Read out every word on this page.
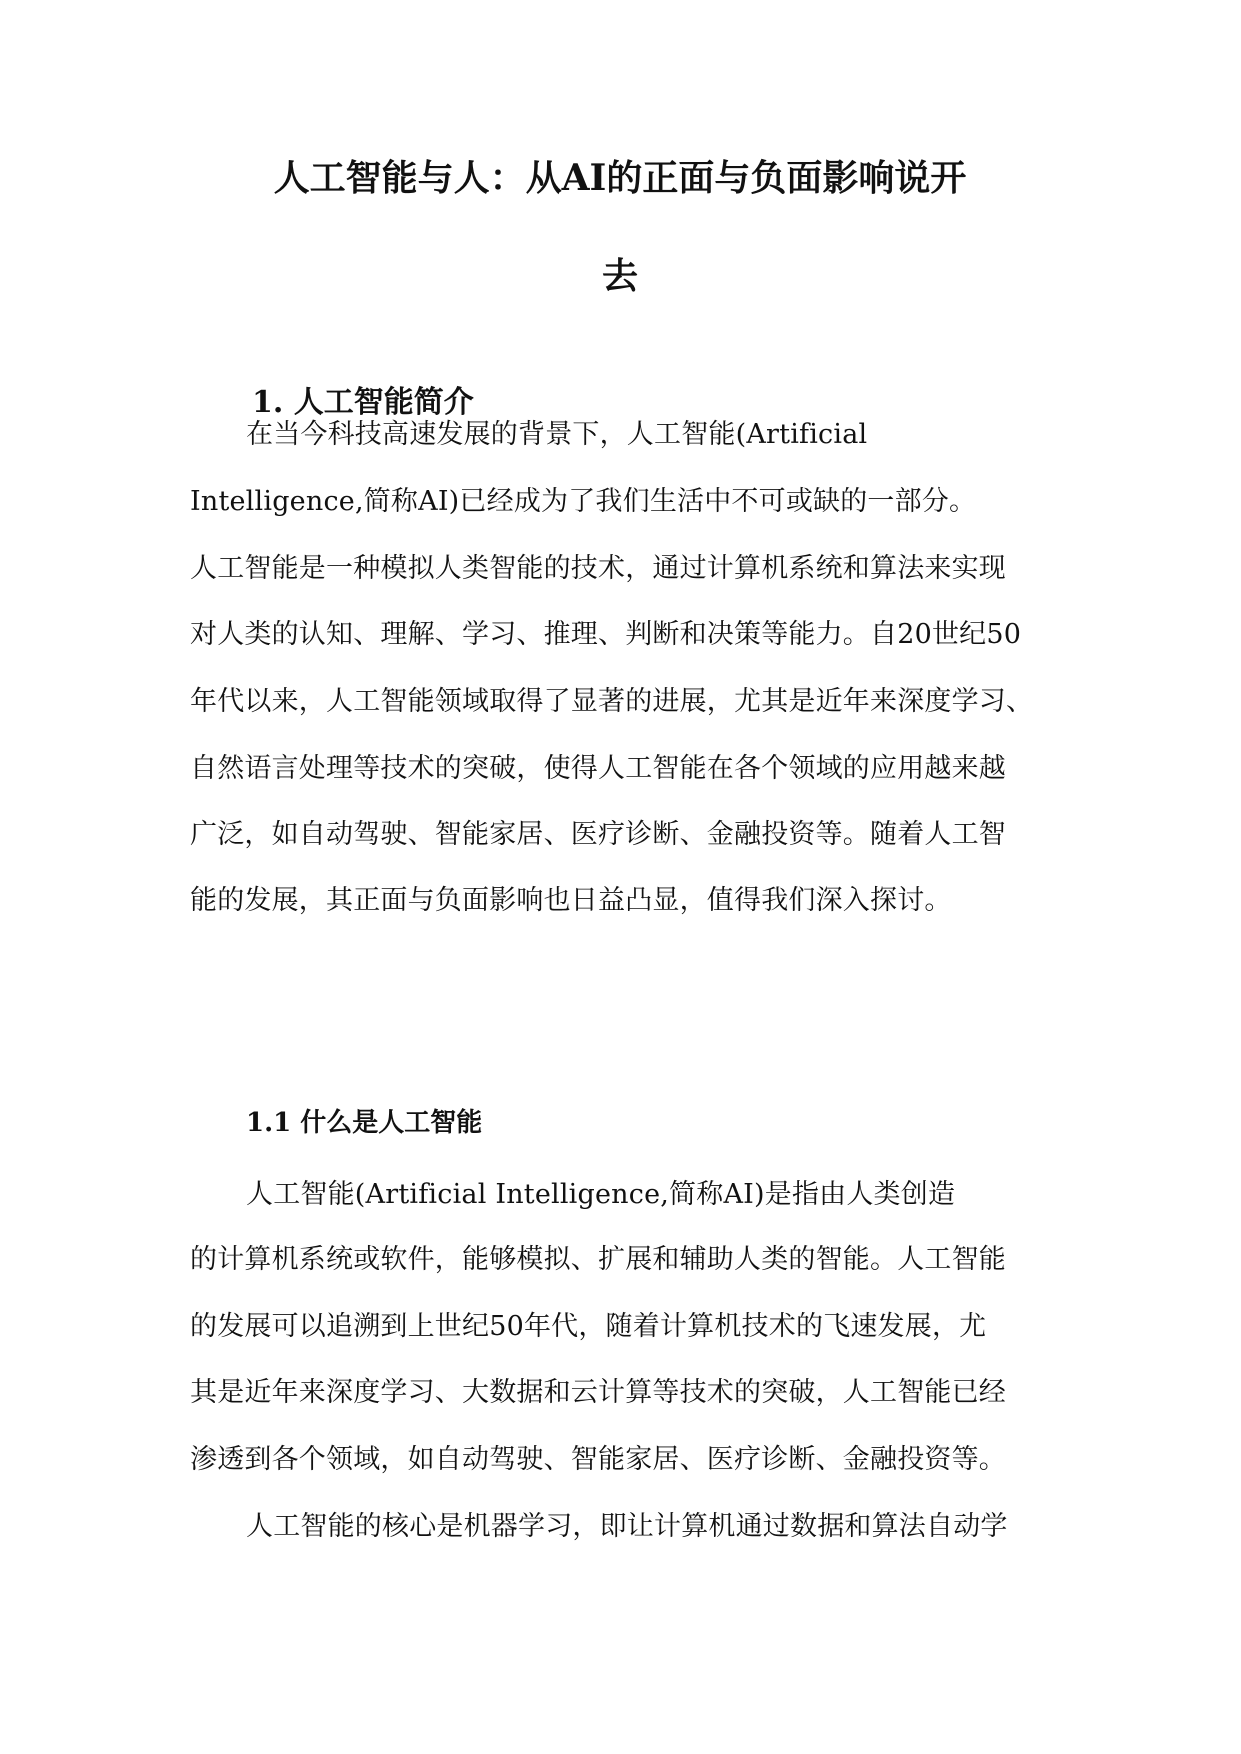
人工智能与人：从AI的正面与负面影响说开
去
1. 人工智能简介
在当今科技高速发展的背景下，人工智能(Artificial
Intelligence,简称AI)已经成为了我们生活中不可或缺的一部分。
人工智能是一种模拟人类智能的技术，通过计算机系统和算法来实现
对人类的认知、理解、学习、推理、判断和决策等能力。自20世纪50
年代以来，人工智能领域取得了显著的进展，尤其是近年来深度学习、
自然语言处理等技术的突破，使得人工智能在各个领域的应用越来越
广泛，如自动驾驶、智能家居、医疗诊断、金融投资等。随着人工智
能的发展，其正面与负面影响也日益凸显，值得我们深入探讨。
1.1 什么是人工智能
人工智能(Artificial Intelligence,简称AI)是指由人类创造
的计算机系统或软件，能够模拟、扩展和辅助人类的智能。人工智能
的发展可以追溯到上世纪50年代，随着计算机技术的飞速发展，尤
其是近年来深度学习、大数据和云计算等技术的突破，人工智能已经
渗透到各个领域，如自动驾驶、智能家居、医疗诊断、金融投资等。
人工智能的核心是机器学习，即让计算机通过数据和算法自动学
